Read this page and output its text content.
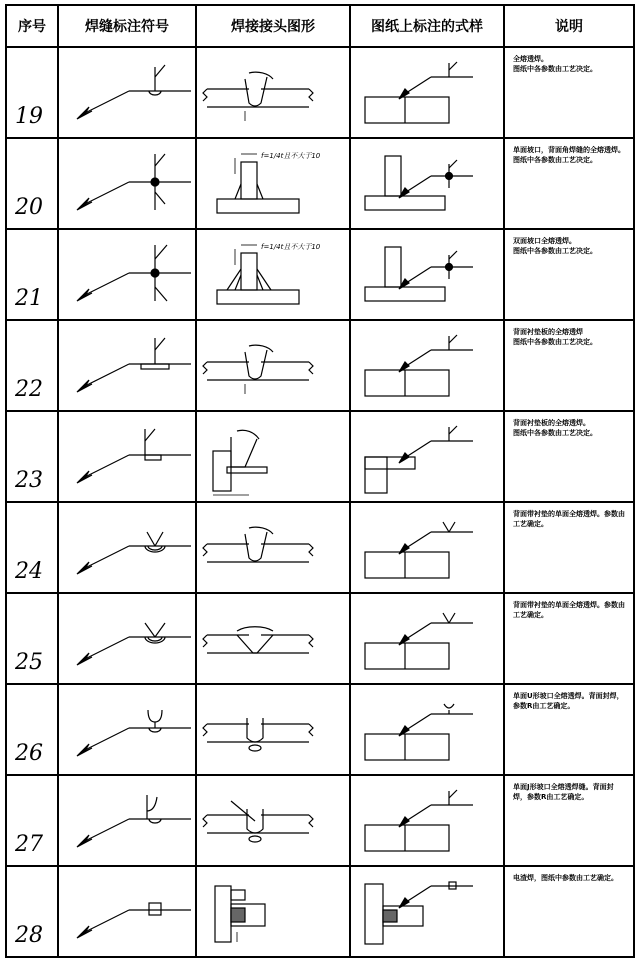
序号	焊缝标注符号	焊接接头图形	图纸上标注的式样	说明
19				全熔透焊。
图纸中各参数由工艺决定。
20		f=1/4t且不大于10		单面坡口，背面角焊缝的全熔透焊。
图纸中各参数由工艺决定。
21		f=1/4t且不大于10		双面坡口全熔透焊。
图纸中各参数由工艺决定。
22				背面衬垫板的全熔透焊
图纸中各参数由工艺决定。
23				背面衬垫板的全熔透焊。
图纸中各参数由工艺决定。
24				背面带衬垫的单面全熔透焊。参数由工艺确定。
25				背面带衬垫的单面全熔透焊。参数由工艺确定。
26				单面U形坡口全熔透焊。背面封焊，参数R由工艺确定。
27				单面J形坡口全熔透焊缝。背面封焊，参数R由工艺确定。
28				电渣焊，图纸中参数由工艺确定。
